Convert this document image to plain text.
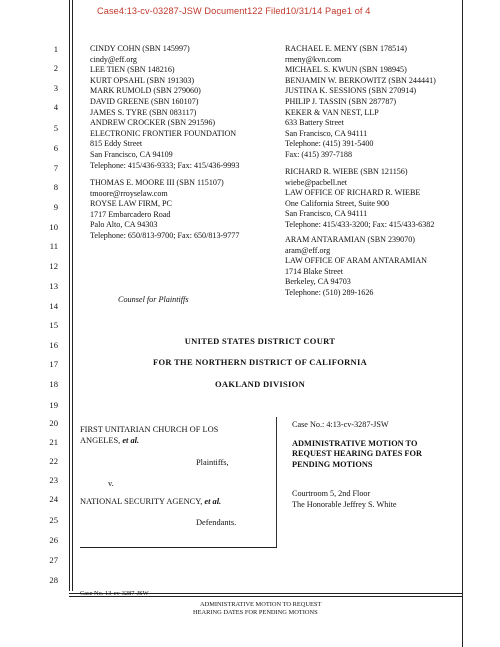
Case4:13-cv-03287-JSW Document122 Filed10/31/14 Page1 of 4
1
2
3
4
5
6
7
8
9
10
11
12
13
14
15
16
17
18
19
20
21
22
23
24
25
26
27
28
CINDY COHN (SBN 145997)
cindy@eff.org
LEE TIEN (SBN 148216)
KURT OPSAHL (SBN 191303)
MARK RUMOLD (SBN 279060)
DAVID GREENE (SBN 160107)
JAMES S. TYRE (SBN 083117)
ANDREW CROCKER (SBN 291596)
ELECTRONIC FRONTIER FOUNDATION
815 Eddy Street
San Francisco, CA 94109
Telephone: 415/436-9333; Fax: 415/436-9993
THOMAS E. MOORE III (SBN 115107)
tmoore@rroyselaw.com
ROYSE LAW FIRM, PC
1717 Embarcadero Road
Palo Alto, CA 94303
Telephone: 650/813-9700; Fax: 650/813-9777
RACHAEL E. MENY (SBN 178514)
rmeny@kvn.com
MICHAEL S. KWUN (SBN 198945)
BENJAMIN W. BERKOWITZ (SBN 244441)
JUSTINA K. SESSIONS (SBN 270914)
PHILIP J. TASSIN (SBN 287787)
KEKER & VAN NEST, LLP
633 Battery Street
San Francisco, CA 94111
Telephone: (415) 391-5400
Fax: (415) 397-7188
RICHARD R. WIEBE (SBN 121156)
wiebe@pacbell.net
LAW OFFICE OF RICHARD R. WIEBE
One California Street, Suite 900
San Francisco, CA 94111
Telephone: 415/433-3200; Fax: 415/433-6382
ARAM ANTARAMIAN (SBN 239070)
aram@eff.org
LAW OFFICE OF ARAM ANTARAMIAN
1714 Blake Street
Berkeley, CA 94703
Telephone: (510) 289-1626
Counsel for Plaintiffs
UNITED STATES DISTRICT COURT
FOR THE NORTHERN DISTRICT OF CALIFORNIA
OAKLAND DIVISION
FIRST UNITARIAN CHURCH OF LOS
ANGELES, et al.
Plaintiffs,
v.
NATIONAL SECURITY AGENCY, et al.
Defendants.
Case No.: 4:13-cv-3287-JSW
ADMINISTRATIVE MOTION TO
REQUEST HEARING DATES FOR
PENDING MOTIONS
Courtroom 5, 2nd Floor
The Honorable Jeffrey S. White
Case No. 13-cv-3287-JSW
ADMINISTRATIVE MOTION TO REQUEST
HEARING DATES FOR PENDING MOTIONS
